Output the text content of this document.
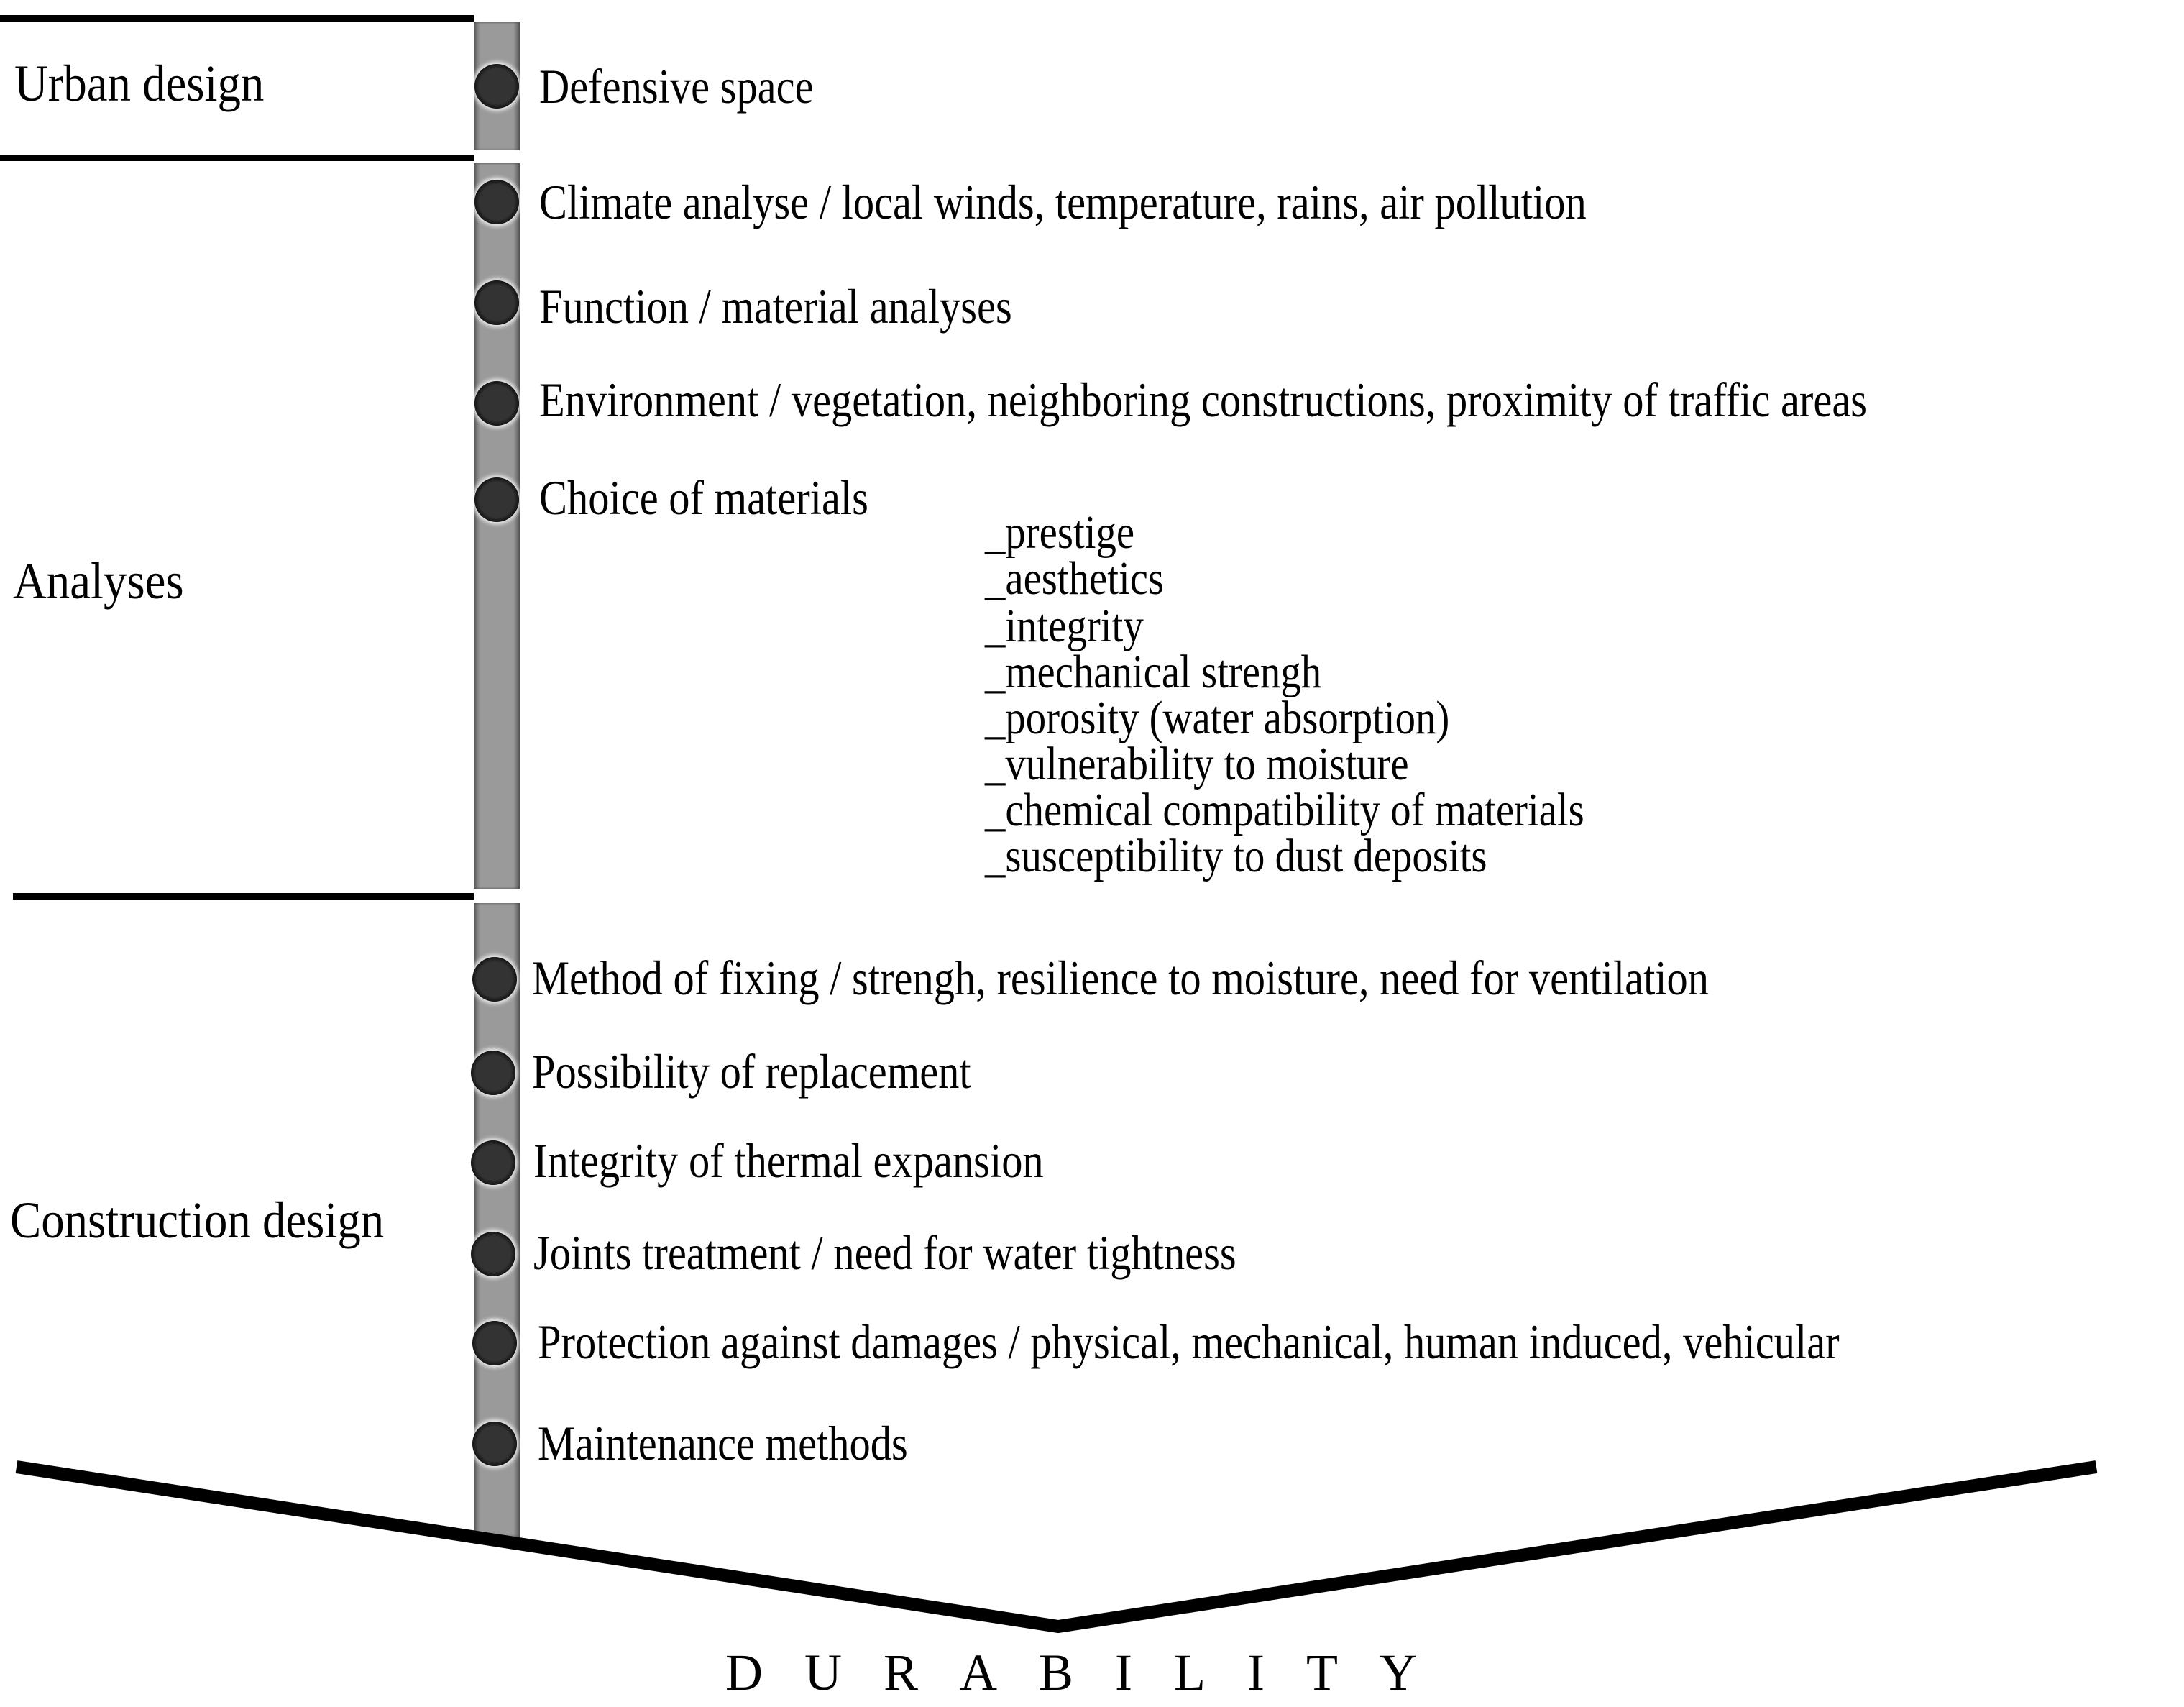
Urban design
Analyses
Construction design
Defensive space
Climate analyse / local winds, temperature, rains, air pollution
Function / material analyses
Environment / vegetation, neighboring constructions, proximity of traffic areas
Choice of materials
_prestige
_aesthetics
_integrity
_mechanical strengh
_porosity (water absorption)
_vulnerability to moisture
_chemical compatibility of materials
_susceptibility to dust deposits
Method of fixing / strengh, resilience to moisture, need for ventilation
Possibility of replacement
Integrity of thermal expansion
Joints treatment / need for water tightness
Protection against damages / physical, mechanical, human induced, vehicular
Maintenance methods
DURABILITY
